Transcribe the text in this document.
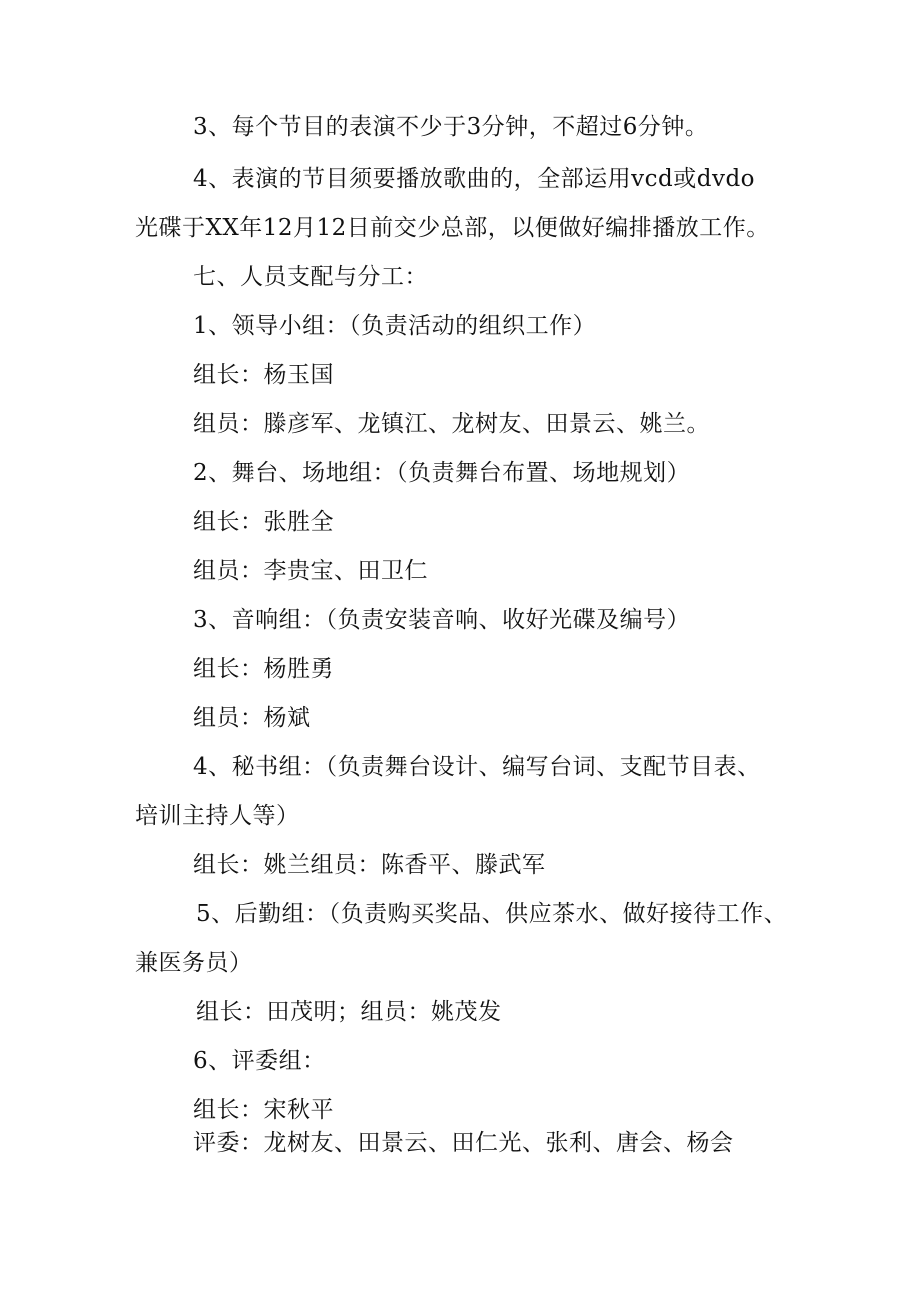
3、每个节目的表演不少于3分钟，不超过6分钟。
4、表演的节目须要播放歌曲的，全部运用vcd或dvdo
光碟于XX年12月12日前交少总部，以便做好编排播放工作。
七、人员支配与分工：
1、领导小组：（负责活动的组织工作）
组长：杨玉国
组员：滕彦军、龙镇江、龙树友、田景云、姚兰。
2、舞台、场地组：（负责舞台布置、场地规划）
组长：张胜全
组员：李贵宝、田卫仁
3、音响组：（负责安装音响、收好光碟及编号）
组长：杨胜勇
组员：杨斌
4、秘书组：（负责舞台设计、编写台词、支配节目表、
培训主持人等）
组长：姚兰组员：陈香平、滕武军
5、后勤组：（负责购买奖品、供应茶水、做好接待工作、
兼医务员）
组长：田茂明；组员：姚茂发
6、评委组：
组长：宋秋平
评委：龙树友、田景云、田仁光、张利、唐会、杨会
